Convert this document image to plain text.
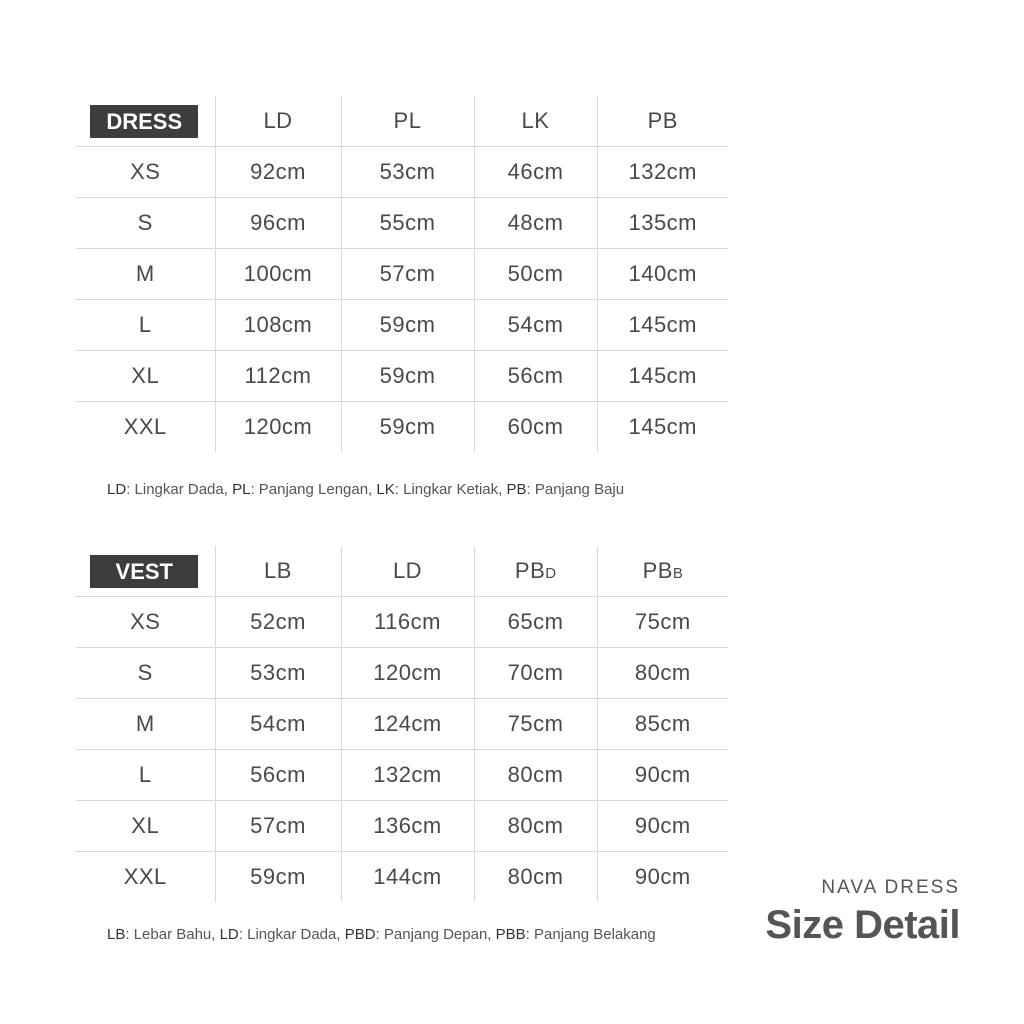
DRESS	LD	PL	LK	PB
XS	92cm	53cm	46cm	132cm
S	96cm	55cm	48cm	135cm
M	100cm	57cm	50cm	140cm
L	108cm	59cm	54cm	145cm
XL	112cm	59cm	56cm	145cm
XXL	120cm	59cm	60cm	145cm
LD: Lingkar Dada, PL: Panjang Lengan, LK: Lingkar Ketiak, PB: Panjang Baju
VEST	LB	LD	PBD	PBB
XS	52cm	116cm	65cm	75cm
S	53cm	120cm	70cm	80cm
M	54cm	124cm	75cm	85cm
L	56cm	132cm	80cm	90cm
XL	57cm	136cm	80cm	90cm
XXL	59cm	144cm	80cm	90cm
LB: Lebar Bahu, LD: Lingkar Dada, PBD: Panjang Depan, PBB: Panjang Belakang
NAVA DRESS
Size Detail
